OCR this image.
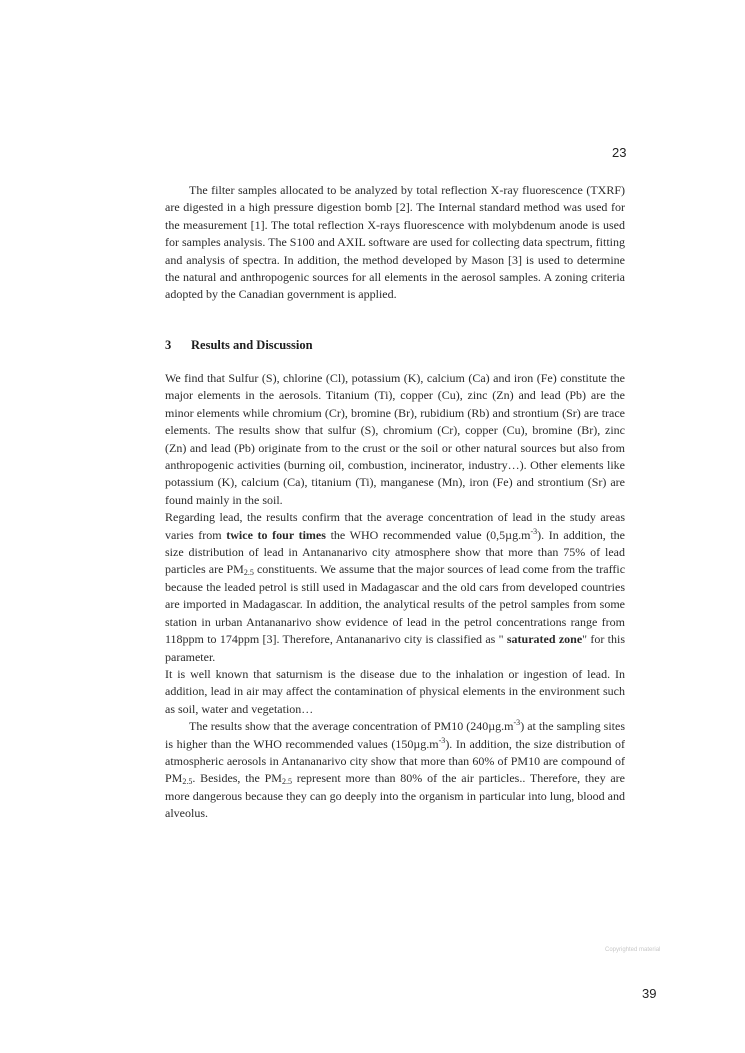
23

The filter samples allocated to be analyzed by total reflection X-ray fluorescence (TXRF) are digested in a high pressure digestion bomb [2]. The Internal standard method was used for the measurement [1]. The total reflection X-rays fluorescence with molybdenum anode is used for samples analysis. The S100 and AXIL software are used for collecting data spectrum, fitting and analysis of spectra. In addition, the method developed by Mason [3] is used to determine the natural and anthropogenic sources for all elements in the aerosol samples. A zoning criteria adopted by the Canadian government is applied.

3 Results and Discussion

We find that Sulfur (S), chlorine (Cl), potassium (K), calcium (Ca) and iron (Fe) constitute the major elements in the aerosols. Titanium (Ti), copper (Cu), zinc (Zn) and lead (Pb) are the minor elements while chromium (Cr), bromine (Br), rubidium (Rb) and strontium (Sr) are trace elements. The results show that sulfur (S), chromium (Cr), copper (Cu), bromine (Br), zinc (Zn) and lead (Pb) originate from to the crust or the soil or other natural sources but also from anthropogenic activities (burning oil, combustion, incinerator, industry…). Other elements like potassium (K), calcium (Ca), titanium (Ti), manganese (Mn), iron (Fe) and strontium (Sr) are found mainly in the soil.

Regarding lead, the results confirm that the average concentration of lead in the study areas varies from twice to four times the WHO recommended value $(0,5\mu g.m^{-3})$. In addition, the size distribution of lead in Antananarivo city atmosphere show that more than 75% of lead particles are $PM_{2.5}$ constituents. We assume that the major sources of lead come from the traffic because the leaded petrol is still used in Madagascar and the old cars from developed countries are imported in Madagascar. In addition, the analytical results of the petrol samples from some station in urban Antananarivo show evidence of lead in the petrol concentrations range from 118ppm to 174ppm [3]. Therefore, Antananarivo city is classified as " saturated zone" for this parameter.

It is well known that saturnism is the disease due to the inhalation or ingestion of lead. In addition, lead in air may affect the contamination of physical elements in the environment such as soil, water and vegetation…

The results show that the average concentration of PM10 $(240\mu g.m^{-3})$ at the sampling sites is higher than the WHO recommended values $(150\mu g.m^{-3})$. In addition, the size distribution of atmospheric aerosols in Antananarivo city show that more than 60% of PM10 are compound of $PM_{2.5}$. Besides, the $PM_{2.5}$ represent more than 80% of the air particles.. Therefore, they are more dangerous because they can go deeply into the organism in particular into lung, blood and alveolus.

Copyrighted material
39
